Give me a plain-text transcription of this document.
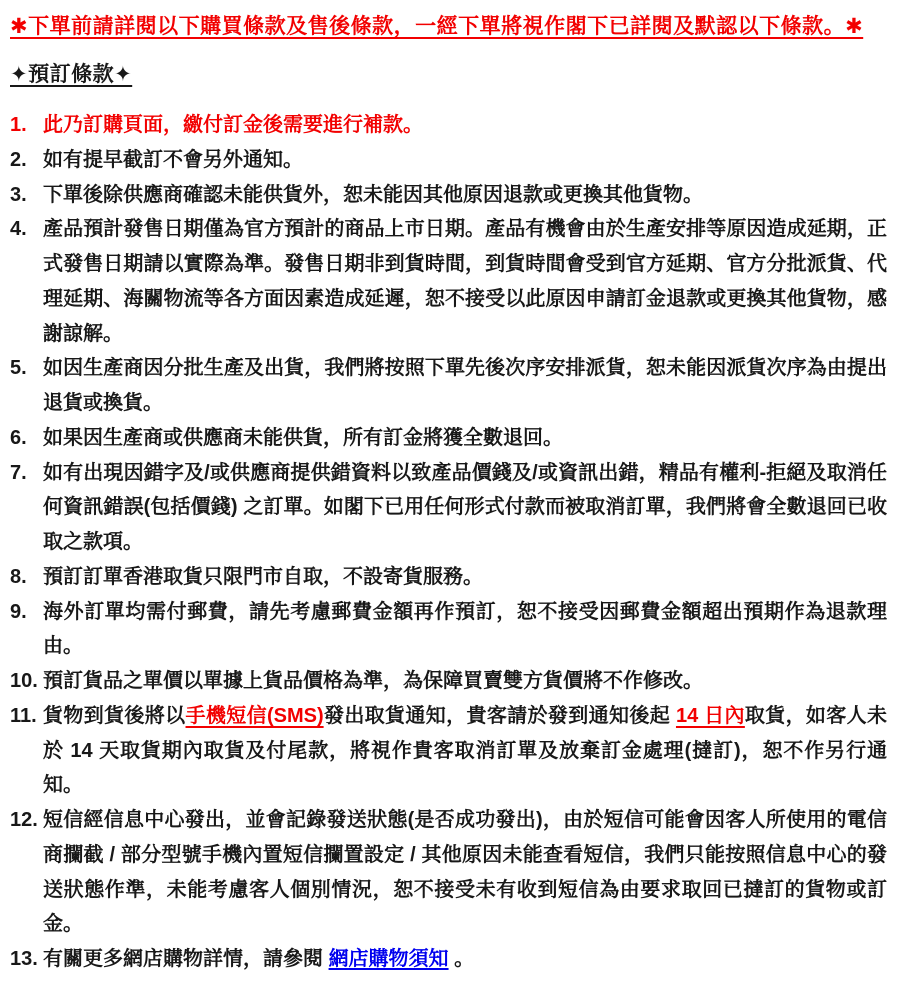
✱下單前請詳閱以下購買條款及售後條款，一經下單將視作閣下已詳閱及默認以下條款。✱

✦預訂條款✦
1. 此乃訂購頁面，繳付訂金後需要進行補款。
2. 如有提早截訂不會另外通知。
3. 下單後除供應商確認未能供貨外，恕未能因其他原因退款或更換其他貨物。
4. 產品預計發售日期僅為官方預計的商品上市日期。產品有機會由於生產安排等原因造成延期，正式發售日期請以實際為準。發售日期非到貨時間，到貨時間會受到官方延期、官方分批派貨、代理延期、海關物流等各方面因素造成延遲，恕不接受以此原因申請訂金退款或更換其他貨物，感謝諒解。
5. 如因生產商因分批生產及出貨，我們將按照下單先後次序安排派貨，恕未能因派貨次序為由提出退貨或換貨。
6. 如果因生產商或供應商未能供貨，所有訂金將獲全數退回。
7. 如有出現因錯字及/或供應商提供錯資料以致產品價錢及/或資訊出錯，精品有權利-拒絕及取消任何資訊錯誤(包括價錢) 之訂單。如閣下已用任何形式付款而被取消訂單，我們將會全數退回已收取之款項。
8. 預訂訂單香港取貨只限門市自取，不設寄貨服務。
9. 海外訂單均需付郵費，請先考慮郵費金額再作預訂，恕不接受因郵費金額超出預期作為退款理由。
10. 預訂貨品之單價以單據上貨品價格為準，為保障買賣雙方貨價將不作修改。
11. 貨物到貨後將以手機短信(SMS)發出取貨通知，貴客請於發到通知後起 14 日內取貨，如客人未於 14 天取貨期內取貨及付尾款，將視作貴客取消訂單及放棄訂金處理(撻訂)，恕不作另行通知。
12. 短信經信息中心發出，並會記錄發送狀態(是否成功發出)，由於短信可能會因客人所使用的電信商攔截 / 部分型號手機內置短信攔置設定 / 其他原因未能查看短信，我們只能按照信息中心的發送狀態作準，未能考慮客人個別情況，恕不接受未有收到短信為由要求取回已撻訂的貨物或訂金。
13. 有關更多網店購物詳情，請參閱 網店購物須知 。
